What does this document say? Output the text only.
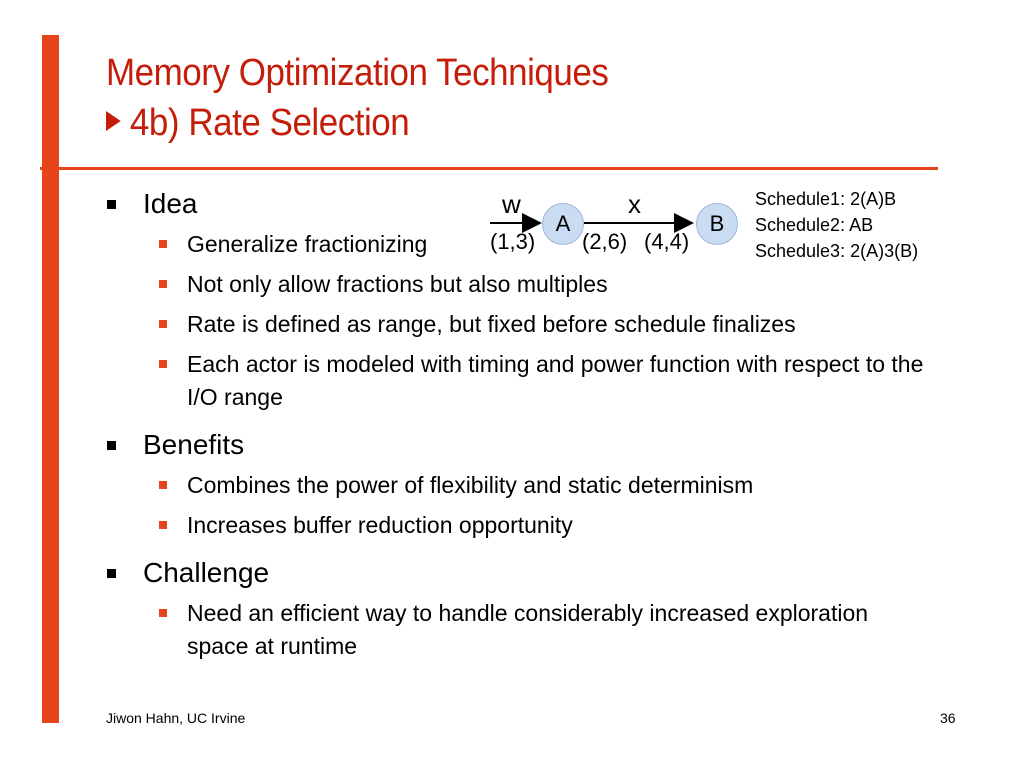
Memory Optimization Techniques
4b) Rate Selection
Idea
Generalize fractionizing
Not only allow fractions but also multiples
Rate is defined as range, but fixed before schedule finalizes
Each actor is modeled with timing and power function with respect to the I/O range
Benefits
Combines the power of flexibility and static determinism
Increases buffer reduction opportunity
Challenge
Need an efficient way to handle considerably increased exploration space at runtime
A	B
w	x
(1,3) (2,6) (4,4)
Schedule1: 2(A)B
Schedule2: AB
Schedule3: 2(A)3(B)
Jiwon Hahn, UC Irvine	36
